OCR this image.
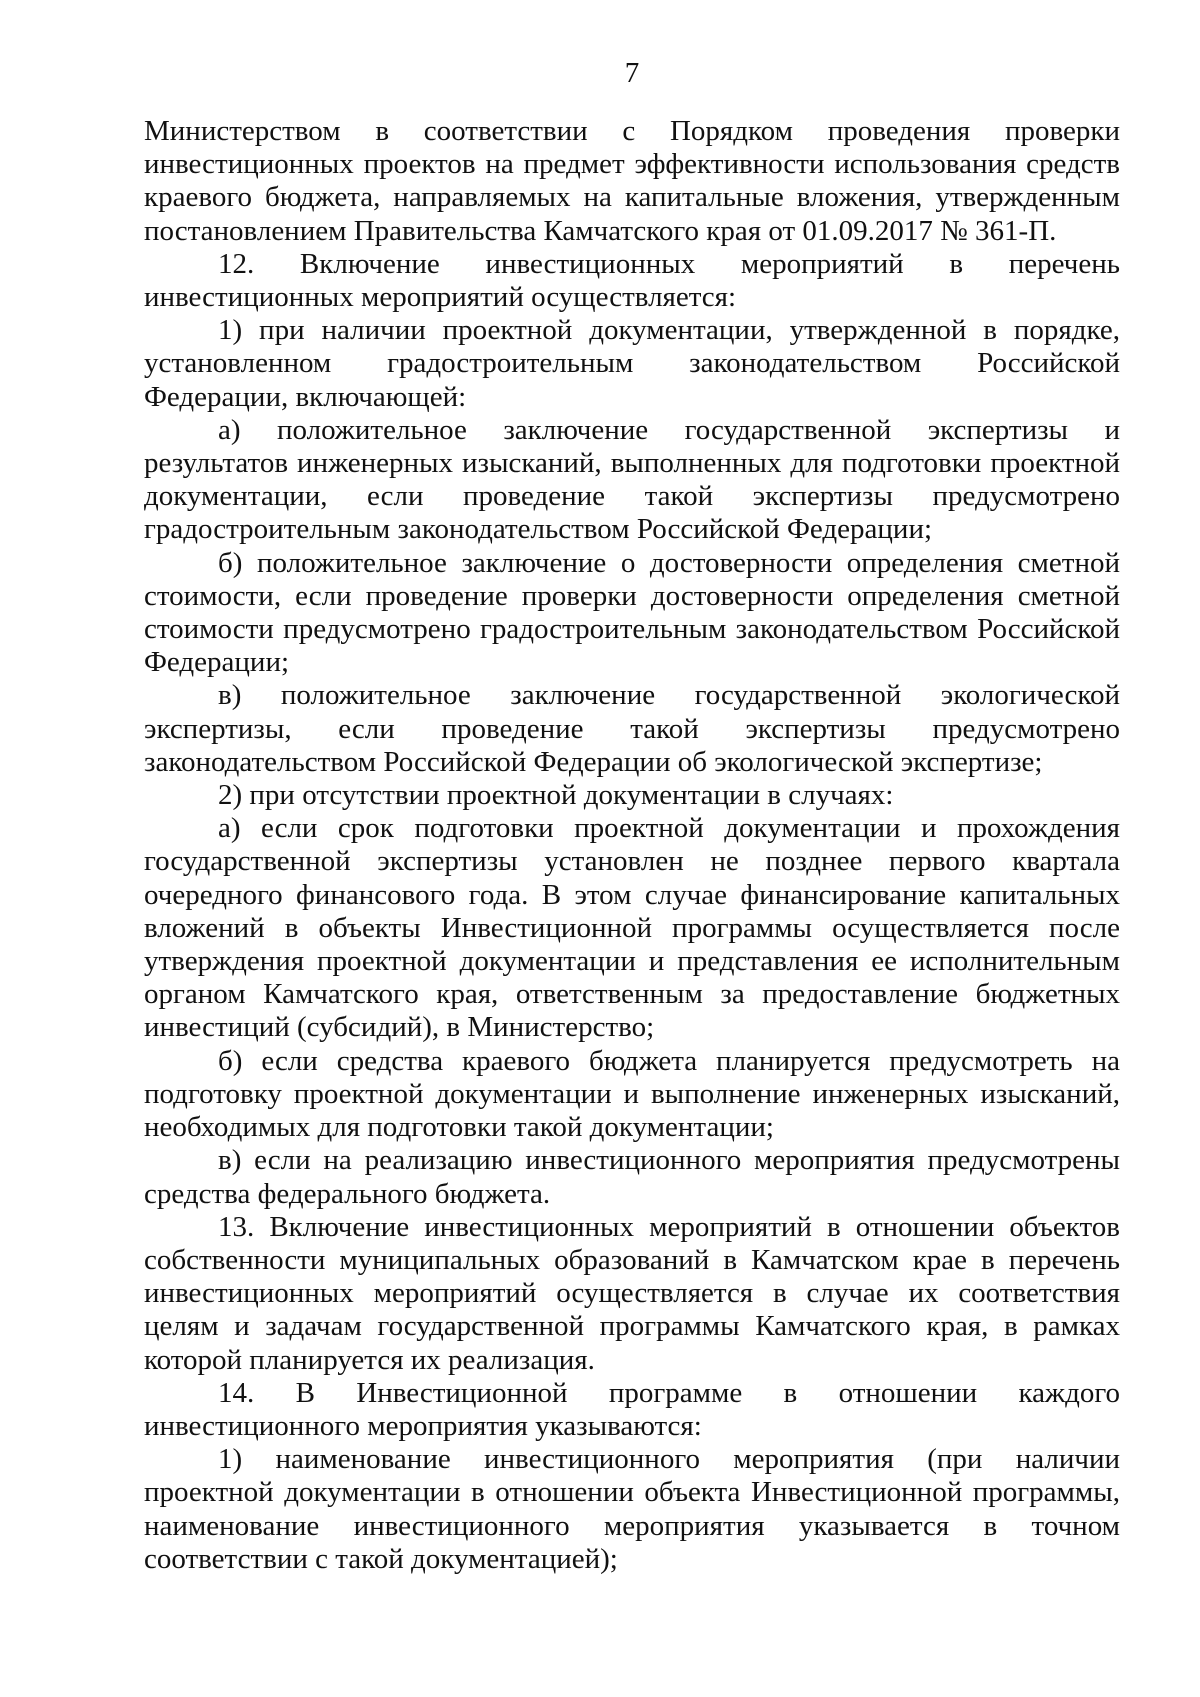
7

Министерством в соответствии с Порядком проведения проверки инвестиционных проектов на предмет эффективности использования средств краевого бюджета, направляемых на капитальные вложения, утвержденным постановлением Правительства Камчатского края от 01.09.2017 № 361-П.

12. Включение инвестиционных мероприятий в перечень инвестиционных мероприятий осуществляется:

1) при наличии проектной документации, утвержденной в порядке, установленном градостроительным законодательством Российской Федерации, включающей:

а) положительное заключение государственной экспертизы и результатов инженерных изысканий, выполненных для подготовки проектной документации, если проведение такой экспертизы предусмотрено градостроительным законодательством Российской Федерации;

б) положительное заключение о достоверности определения сметной стоимости, если проведение проверки достоверности определения сметной стоимости предусмотрено градостроительным законодательством Российской Федерации;

в) положительное заключение государственной экологической экспертизы, если проведение такой экспертизы предусмотрено законодательством Российской Федерации об экологической экспертизе;

2) при отсутствии проектной документации в случаях:

а) если срок подготовки проектной документации и прохождения государственной экспертизы установлен не позднее первого квартала очередного финансового года. В этом случае финансирование капитальных вложений в объекты Инвестиционной программы осуществляется после утверждения проектной документации и представления ее исполнительным органом Камчатского края, ответственным за предоставление бюджетных инвестиций (субсидий), в Министерство;

б) если средства краевого бюджета планируется предусмотреть на подготовку проектной документации и выполнение инженерных изысканий, необходимых для подготовки такой документации;

в) если на реализацию инвестиционного мероприятия предусмотрены средства федерального бюджета.

13. Включение инвестиционных мероприятий в отношении объектов собственности муниципальных образований в Камчатском крае в перечень инвестиционных мероприятий осуществляется в случае их соответствия целям и задачам государственной программы Камчатского края, в рамках которой планируется их реализация.

14. В Инвестиционной программе в отношении каждого инвестиционного мероприятия указываются:

1) наименование инвестиционного мероприятия (при наличии проектной документации в отношении объекта Инвестиционной программы, наименование инвестиционного мероприятия указывается в точном соответствии с такой документацией);
